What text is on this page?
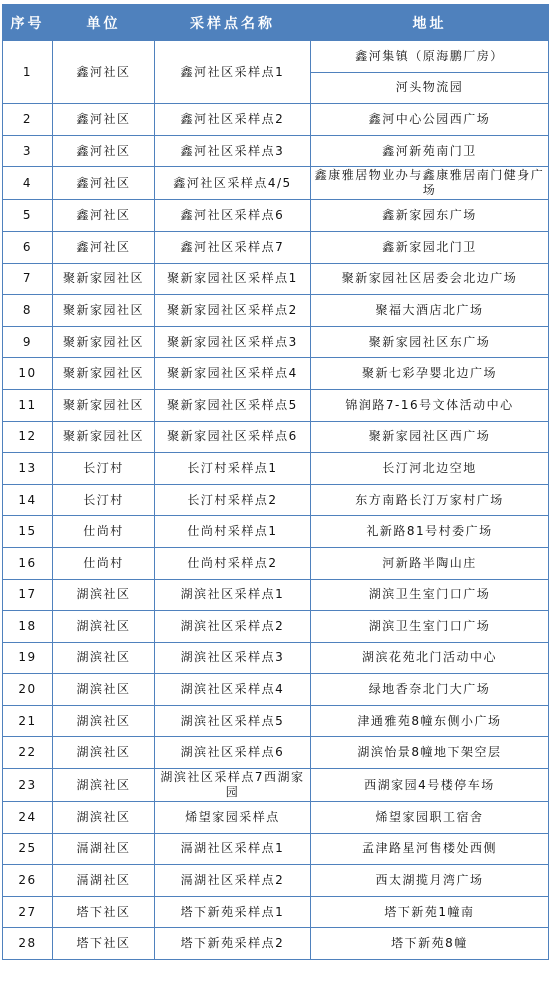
序号	单位	采样点名称	地址
1	鑫河社区	鑫河社区采样点1	鑫河集镇（原海鹏厂房）
			河头物流园
2	鑫河社区	鑫河社区采样点2	鑫河中心公园西广场
3	鑫河社区	鑫河社区采样点3	鑫河新苑南门卫
4	鑫河社区	鑫河社区采样点4/5	鑫康雅居物业办与鑫康雅居南门健身广场
5	鑫河社区	鑫河社区采样点6	鑫新家园东广场
6	鑫河社区	鑫河社区采样点7	鑫新家园北门卫
7	聚新家园社区	聚新家园社区采样点1	聚新家园社区居委会北边广场
8	聚新家园社区	聚新家园社区采样点2	聚福大酒店北广场
9	聚新家园社区	聚新家园社区采样点3	聚新家园社区东广场
10	聚新家园社区	聚新家园社区采样点4	聚新七彩孕婴北边广场
11	聚新家园社区	聚新家园社区采样点5	锦润路7-16号文体活动中心
12	聚新家园社区	聚新家园社区采样点6	聚新家园社区西广场
13	长汀村	长汀村采样点1	长汀河北边空地
14	长汀村	长汀村采样点2	东方南路长汀万家村广场
15	仕尚村	仕尚村采样点1	礼新路81号村委广场
16	仕尚村	仕尚村采样点2	河新路半陶山庄
17	湖滨社区	湖滨社区采样点1	湖滨卫生室门口广场
18	湖滨社区	湖滨社区采样点2	湖滨卫生室门口广场
19	湖滨社区	湖滨社区采样点3	湖滨花苑北门活动中心
20	湖滨社区	湖滨社区采样点4	绿地香奈北门大广场
21	湖滨社区	湖滨社区采样点5	津通雅苑8幢东侧小广场
22	湖滨社区	湖滨社区采样点6	湖滨怡景8幢地下架空层
23	湖滨社区	湖滨社区采样点7西湖家园	西湖家园4号楼停车场
24	湖滨社区	烯望家园采样点	烯望家园职工宿舍
25	滆湖社区	滆湖社区采样点1	孟津路星河售楼处西侧
26	滆湖社区	滆湖社区采样点2	西太湖揽月湾广场
27	塔下社区	塔下新苑采样点1	塔下新苑1幢南
28	塔下社区	塔下新苑采样点2	塔下新苑8幢
